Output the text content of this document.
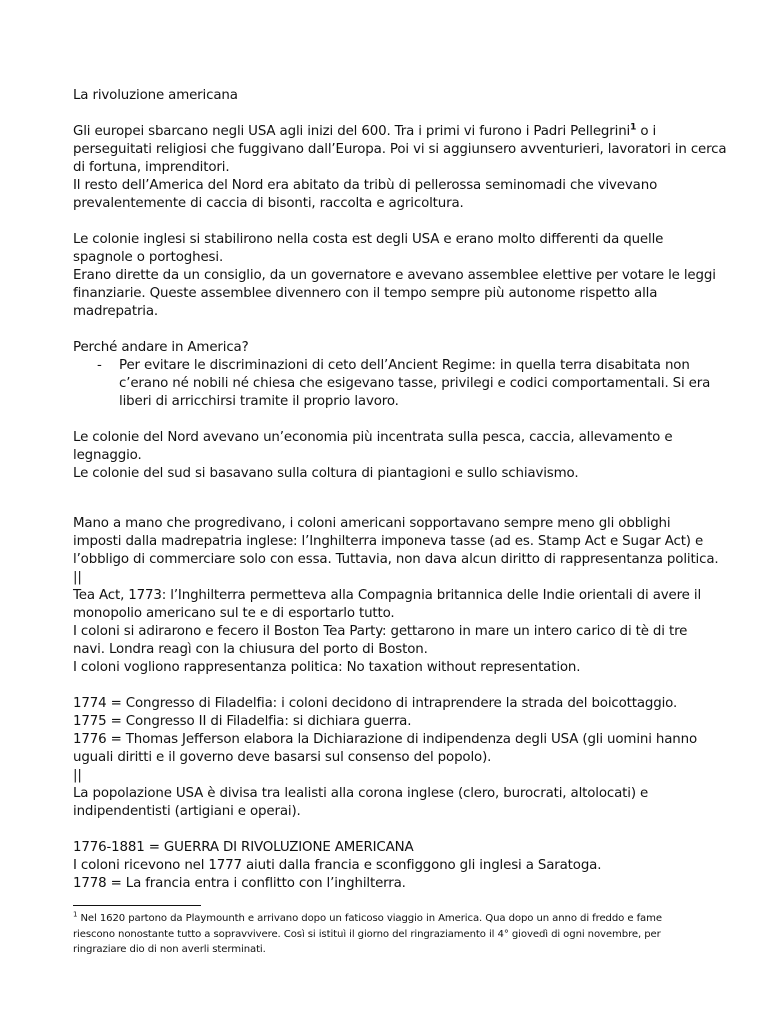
La rivoluzione americana

Gli europei sbarcano negli USA agli inizi del 600. Tra i primi vi furono i Padri Pellegrini$^1$ o i
perseguitati religiosi che fuggivano dall’Europa. Poi vi si aggiunsero avventurieri, lavoratori in cerca
di fortuna, imprenditori.
Il resto dell’America del Nord era abitato da tribù di pellerossa seminomadi che vivevano
prevalentemente di caccia di bisonti, raccolta e agricoltura.

Le colonie inglesi si stabilirono nella costa est degli USA e erano molto differenti da quelle
spagnole o portoghesi.
Erano dirette da un consiglio, da un governatore e avevano assemblee elettive per votare le leggi
finanziarie. Queste assemblee divennero con il tempo sempre più autonome rispetto alla
madrepatria.

Perché andare in America?
- Per evitare le discriminazioni di ceto dell’Ancient Regime: in quella terra disabitata non
c’erano né nobili né chiesa che esigevano tasse, privilegi e codici comportamentali. Si era
liberi di arricchirsi tramite il proprio lavoro.

Le colonie del Nord avevano un’economia più incentrata sulla pesca, caccia, allevamento e
legnaggio.
Le colonie del sud si basavano sulla coltura di piantagioni e sullo schiavismo.

Mano a mano che progredivano, i coloni americani sopportavano sempre meno gli obblighi
imposti dalla madrepatria inglese: l’Inghilterra imponeva tasse (ad es. Stamp Act e Sugar Act) e
l’obbligo di commerciare solo con essa. Tuttavia, non dava alcun diritto di rappresentanza politica.
||
Tea Act, 1773: l’Inghilterra permetteva alla Compagnia britannica delle Indie orientali di avere il
monopolio americano sul te e di esportarlo tutto.
I coloni si adirarono e fecero il Boston Tea Party: gettarono in mare un intero carico di tè di tre
navi. Londra reagì con la chiusura del porto di Boston.
I coloni vogliono rappresentanza politica: No taxation without representation.

1774 = Congresso di Filadelfia: i coloni decidono di intraprendere la strada del boicottaggio.
1775 = Congresso II di Filadelfia: si dichiara guerra.
1776 = Thomas Jefferson elabora la Dichiarazione di indipendenza degli USA (gli uomini hanno
uguali diritti e il governo deve basarsi sul consenso del popolo).
||
La popolazione USA è divisa tra lealisti alla corona inglese (clero, burocrati, altolocati) e
indipendentisti (artigiani e operai).

1776-1881 = GUERRA DI RIVOLUZIONE AMERICANA
I coloni ricevono nel 1777 aiuti dalla francia e sconfiggono gli inglesi a Saratoga.
1778 = La francia entra i conflitto con l’inghilterra.

$^1$ Nel 1620 partono da Playmounth e arrivano dopo un faticoso viaggio in America. Qua dopo un anno di freddo e fame
riescono nonostante tutto a sopravvivere. Così si istituì il giorno del ringraziamento il 4° giovedì di ogni novembre, per
ringraziare dio di non averli sterminati.
